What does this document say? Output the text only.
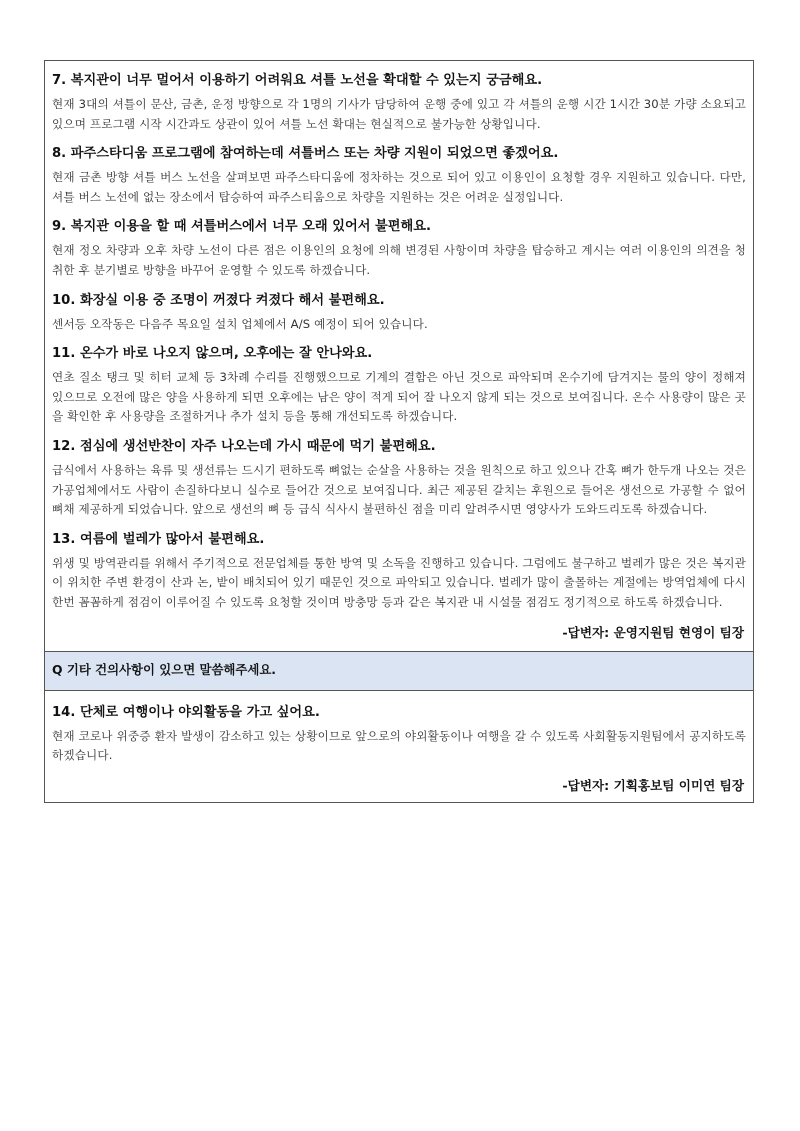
7. 복지관이 너무 멀어서 이용하기 어려워요 셔틀 노선을 확대할 수 있는지 궁금해요.

현재 3대의 셔틀이 문산, 금촌, 운정 방향으로 각 1명의 기사가 담당하여 운행 중에 있고 각 셔틀의 운행 시간 1시간 30분 가량 소요되고 있으며 프로그램 시작 시간과도 상관이 있어 셔틀 노선 확대는 현실적으로 불가능한 상황입니다.

8. 파주스타디움 프로그램에 참여하는데 셔틀버스 또는 차량 지원이 되었으면 좋겠어요.

현재 금촌 방향 셔틀 버스 노선을 살펴보면 파주스타디움에 정차하는 것으로 되어 있고 이용인이 요청할 경우 지원하고 있습니다. 다만, 셔틀 버스 노선에 없는 장소에서 탑승하여 파주스티움으로 차량을 지원하는 것은 어려운 실정입니다.

9. 복지관 이용을 할 때 셔틀버스에서 너무 오래 있어서 불편해요.

현재 정오 차량과 오후 차량 노선이 다른 점은 이용인의 요청에 의해 변경된 사항이며 차량을 탑승하고 계시는 여러 이용인의 의견을 청취한 후 분기별로 방향을 바꾸어 운영할 수 있도록 하겠습니다.

10. 화장실 이용 중 조명이 꺼졌다 켜졌다 해서 불편해요.

센서등 오작동은 다음주 목요일 설치 업체에서 A/S 예정이 되어 있습니다.

11. 온수가 바로 나오지 않으며, 오후에는 잘 안나와요.

연초 질소 탱크 및 히터 교체 등 3차례 수리를 진행했으므로 기계의 결함은 아닌 것으로 파악되며 온수기에 담겨지는 물의 양이 정해져 있으므로 오전에 많은 양을 사용하게 되면 오후에는 남은 양이 적게 되어 잘 나오지 않게 되는 것으로 보여집니다. 온수 사용량이 많은 곳을 확인한 후 사용량을 조절하거나 추가 설치 등을 통해 개선되도록 하겠습니다.

12. 점심에 생선반찬이 자주 나오는데 가시 때문에 먹기 불편해요.

급식에서 사용하는 육류 및 생선류는 드시기 편하도록 뼈없는 순살을 사용하는 것을 원칙으로 하고 있으나 간혹 뼈가 한두개 나오는 것은 가공업체에서도 사람이 손질하다보니 실수로 들어간 것으로 보여집니다. 최근 제공된 갈치는 후원으로 들어온 생선으로 가공할 수 없어 뼈채 제공하게 되었습니다. 앞으로 생선의 뼈 등 급식 식사시 불편하신 점을 미리 알려주시면 영양사가 도와드리도록 하겠습니다.

13. 여름에 벌레가 많아서 불편해요.

위생 및 방역관리를 위해서 주기적으로 전문업체를 통한 방역 및 소독을 진행하고 있습니다. 그럼에도 불구하고 벌레가 많은 것은 복지관이 위치한 주변 환경이 산과 논, 밭이 배치되어 있기 때문인 것으로 파악되고 있습니다. 벌레가 많이 출몰하는 계절에는 방역업체에 다시 한번 꼼꼼하게 점검이 이루어질 수 있도록 요청할 것이며 방충망 등과 같은 복지관 내 시설물 점검도 정기적으로 하도록 하겠습니다.

-답변자: 운영지원팀 현영이 팀장
Q 기타 건의사항이 있으면 말씀해주세요.
14. 단체로 여행이나 야외활동을 가고 싶어요.

현재 코로나 위중증 환자 발생이 감소하고 있는 상황이므로 앞으로의 야외활동이나 여행을 갈 수 있도록 사회활동지원팀에서 공지하도록 하겠습니다.

-답변자: 기획홍보팀 이미연 팀장
